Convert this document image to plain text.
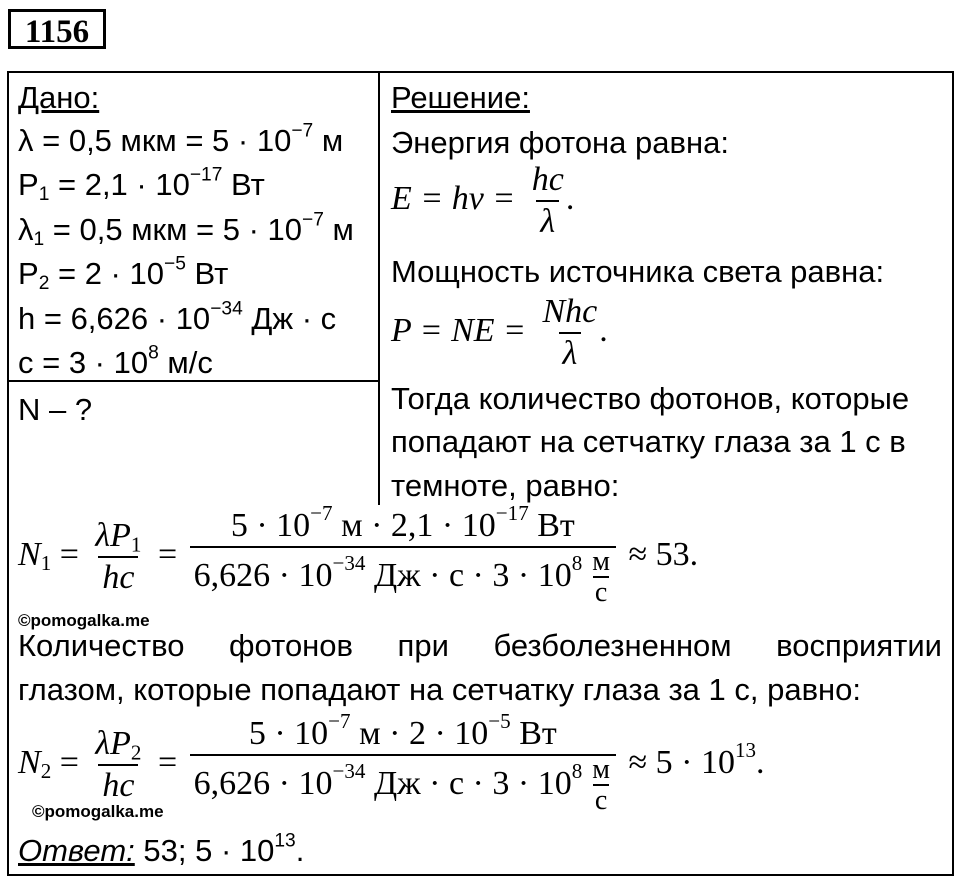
1156
Дано:
λ = 0,5 мкм = $5 \cdot 10^{-7}$ м
$P_1 = 2,1 \cdot 10^{-17}$ Вт
$\lambda_1 = 0,5$ мкм = $5 \cdot 10^{-7}$ м
$P_2 = 2 \cdot 10^{-5}$ Вт
$h = 6,626 \cdot 10^{-34}$ Дж · с
$c = 3 \cdot 10^8$ м/с
N – ?
Решение:
Энергия фотона равна:
$E = h\nu = \frac{hc}{\lambda}$
.
Мощность источника света равна:
P = NE = $\frac{\text{Nhc}}{\lambda}$
.
Тогда количество фотонов, которые
попадают на сетчатку глаза за 1 с в
темноте, равно:
$N_1 = \frac{\lambda P_1}{hc} = \frac{5 \cdot 10^{-7} м \cdot 2,1 \cdot 10^{-17} Вт}{6,626 \cdot 10^{-34} Дж \cdot с \cdot 3 \cdot 10^8 \frac{м}{с}} \approx 53$.
©pomogalka.me
Количество фотонов при безболезненном восприятии
глазом, которые попадают на сетчатку глаза за 1 с, равно:
$N_2 = \frac{\lambda P_2}{hc} = \frac{5 \cdot 10^{-7} м \cdot 2 \cdot 10^{-5} Вт}{6,626 \cdot 10^{-34} Дж \cdot с \cdot 3 \cdot 10^8 \frac{м}{с}} \approx 5 \cdot 10^{13}$.
©pomogalka.me
Ответ: 53; $5 \cdot 10^{13}$.
